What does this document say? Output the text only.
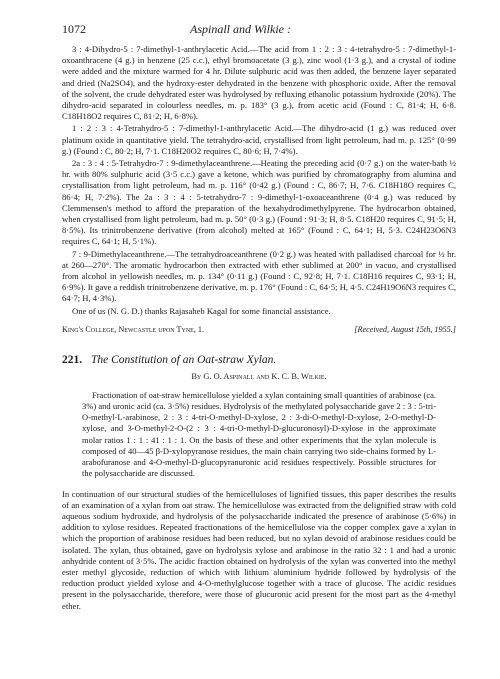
1072	Aspinall and Wilkie :

3 : 4-Dihydro-5 : 7-dimethyl-1-anthrylacetic Acid.—The acid from 1 : 2 : 3 : 4-tetrahydro-5 : 7-dimethyl-1-oxoanthracene (4 g.) in benzene (25 c.c.), ethyl bromoacetate (3 g.), zinc wool (1·3 g.), and a crystal of iodine were added and the mixture warmed for 4 hr. Dilute sulphuric acid was then added, the benzene layer separated and dried (Na2SO4), and the hydroxy-ester dehydrated in the benzene with phosphoric oxide. After the removal of the solvent, the crude dehydrated ester was hydrolysed by refluxing ethanolic potassium hydroxide (20%). The dihydro-acid separated in colourless needles, m. p. 183° (3 g.), from acetic acid (Found : C, 81·4; H, 6·8. C18H18O2 requires C, 81·2; H, 6·8%).

1 : 2 : 3 : 4-Tetrahydro-5 : 7-dimethyl-1-anthrylacetic Acid.—The dihydro-acid (1 g.) was reduced over platinum oxide in quantitative yield. The tetrahydro-acid, crystallised from light petroleum, had m. p. 125° (0·99 g.) (Found : C, 80·2; H, 7·1. C18H20O2 requires C, 80·6; H, 7·4%).

2a : 3 : 4 : 5-Tetrahydro-7 : 9-dimethylaceanthrene.—Heating the preceding acid (0·7 g.) on the water-bath ½ hr. with 80% sulphuric acid (3·5 c.c.) gave a ketone, which was purified by chromatography from alumina and crystallisation from light petroleum, had m. p. 116° (0·42 g.) (Found : C, 86·7; H, 7·6. C18H18O requires C, 86·4; H, 7·2%). The 2a : 3 : 4 : 5-tetrahydro-7 : 9-dimethyl-1-oxoaceanthrene (0·4 g.) was reduced by Clemmensen's method to afford the preparation of the hexahydrodimethylpyrene. The hydrocarbon obtained, when crystallised from light petroleum, had m. p. 50° (0·3 g.) (Found : 91·3; H, 8·5. C18H20 requires C, 91·5; H, 8·5%). Its trinitrobenzene derivative (from alcohol) melted at 165° (Found : C, 64·1; H, 5·3. C24H23O6N3 requires C, 64·1; H, 5·1%).

7 : 9-Dimethylaceanthrene.—The tetrahydroaceanthrene (0·2 g.) was heated with palladised charcoal for ½ hr. at 260—270°. The aromatic hydrocarbon then extracted with ether sublimed at 200° in vacuo, and crystallised from alcohol in yellowish needles, m. p. 134° (0·11 g.) (Found : C, 92·8; H, 7·1. C18H16 requires C, 93·1; H, 6·9%). It gave a reddish trinitrobenzene derivative, m. p. 176° (Found : C, 64·5; H, 4·5. C24H19O6N3 requires C, 64·7; H, 4·3%).

One of us (N. G. D.) thanks Rajasaheb Kagal for some financial assistance.

King's College, Newcastle upon Tyne, 1.	[Received, August 15th, 1955.]
221. The Constitution of an Oat-straw Xylan.
By G. O. Aspinall and K. C. B. Wilkie.

Fractionation of oat-straw hemicellulose yielded a xylan containing small quantities of arabinose (ca. 3%) and uronic acid (ca. 3·5%) residues. Hydrolysis of the methylated polysaccharide gave 2 : 3 : 5-tri-O-methyl-L-arabinose, 2 : 3 : 4-tri-O-methyl-D-xylose, 2 : 3-di-O-methyl-D-xylose, 2-O-methyl-D-xylose, and 3-O-methyl-2-O-(2 : 3 : 4-tri-O-methyl-D-glucuronosyl)-D-xylose in the approximate molar ratios 1 : 1 : 41 : 1 : 1. On the basis of these and other experiments that the xylan molecule is composed of 40—45 β-D-xylopyranose residues, the main chain carrying two side-chains formed by L-arabofuranose and 4-O-methyl-D-glucopyranuronic acid residues respectively. Possible structures for the polysaccharide are discussed.

In continuation of our structural studies of the hemicelluloses of lignified tissues, this paper describes the results of an examination of a xylan from oat straw. The hemicellulose was extracted from the delignified straw with cold aqueous sodium hydroxide, and hydrolysis of the polysaccharide indicated the presence of arabinose (5·6%) in addition to xylose residues. Repeated fractionations of the hemicellulose via the copper complex gave a xylan in which the proportion of arabinose residues had been reduced, but no xylan devoid of arabinose residues could be isolated. The xylan, thus obtained, gave on hydrolysis xylose and arabinose in the ratio 32 : 1 and had a uronic anhydride content of 3·5%. The acidic fraction obtained on hydrolysis of the xylan was converted into the methyl ester methyl glycoside, reduction of which with lithium aluminium hydride followed by hydrolysis of the reduction product yielded xylose and 4-O-methylglucose together with a trace of glucose. The acidic residues present in the polysaccharide, therefore, were those of glucuronic acid present for the most part as the 4-methyl ether.
